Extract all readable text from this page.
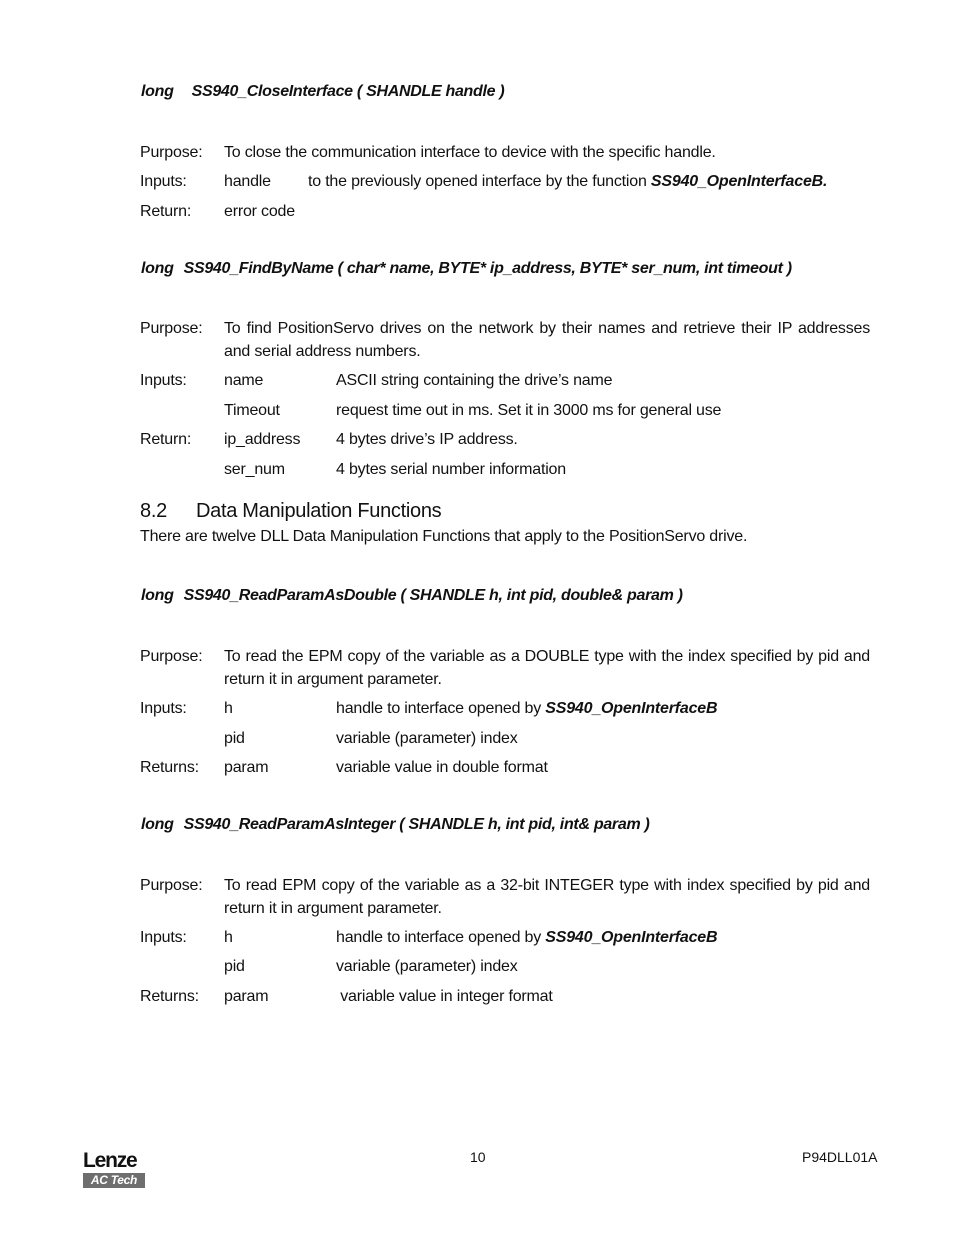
long SS940_CloseInterface ( SHANDLE handle )
Purpose: To close the communication interface to device with the specific handle.
Inputs: handle to the previously opened interface by the function SS940_OpenInterfaceB.
Return: error code
long SS940_FindByName ( char* name, BYTE* ip_address, BYTE* ser_num, int timeout )
Purpose: To find PositionServo drives on the network by their names and retrieve their IP addresses and serial address numbers.
Inputs: name	ASCII string containing the drive’s name
Timeout	request time out in ms. Set it in 3000 ms for general use
Return: ip_address 4 bytes drive’s IP address.
ser_num	4 bytes serial number information
8.2 Data Manipulation Functions
There are twelve DLL Data Manipulation Functions that apply to the PositionServo drive.
long SS940_ReadParamAsDouble ( SHANDLE h, int pid, double& param )
Purpose: To read the EPM copy of the variable as a DOUBLE type with the index specified by pid and return it in argument parameter.
Inputs: h	handle to interface opened by SS940_OpenInterfaceB
pid	variable (parameter) index
Returns: param	variable value in double format
long SS940_ReadParamAsInteger ( SHANDLE h, int pid, int& param )
Purpose: To read EPM copy of the variable as a 32-bit INTEGER type with index specified by pid and return it in argument parameter.
Inputs: h	handle to interface opened by SS940_OpenInterfaceB
pid	variable (parameter) index
Returns: param	variable value in integer format
Lenze
AC Tech
10	P94DLL01A
